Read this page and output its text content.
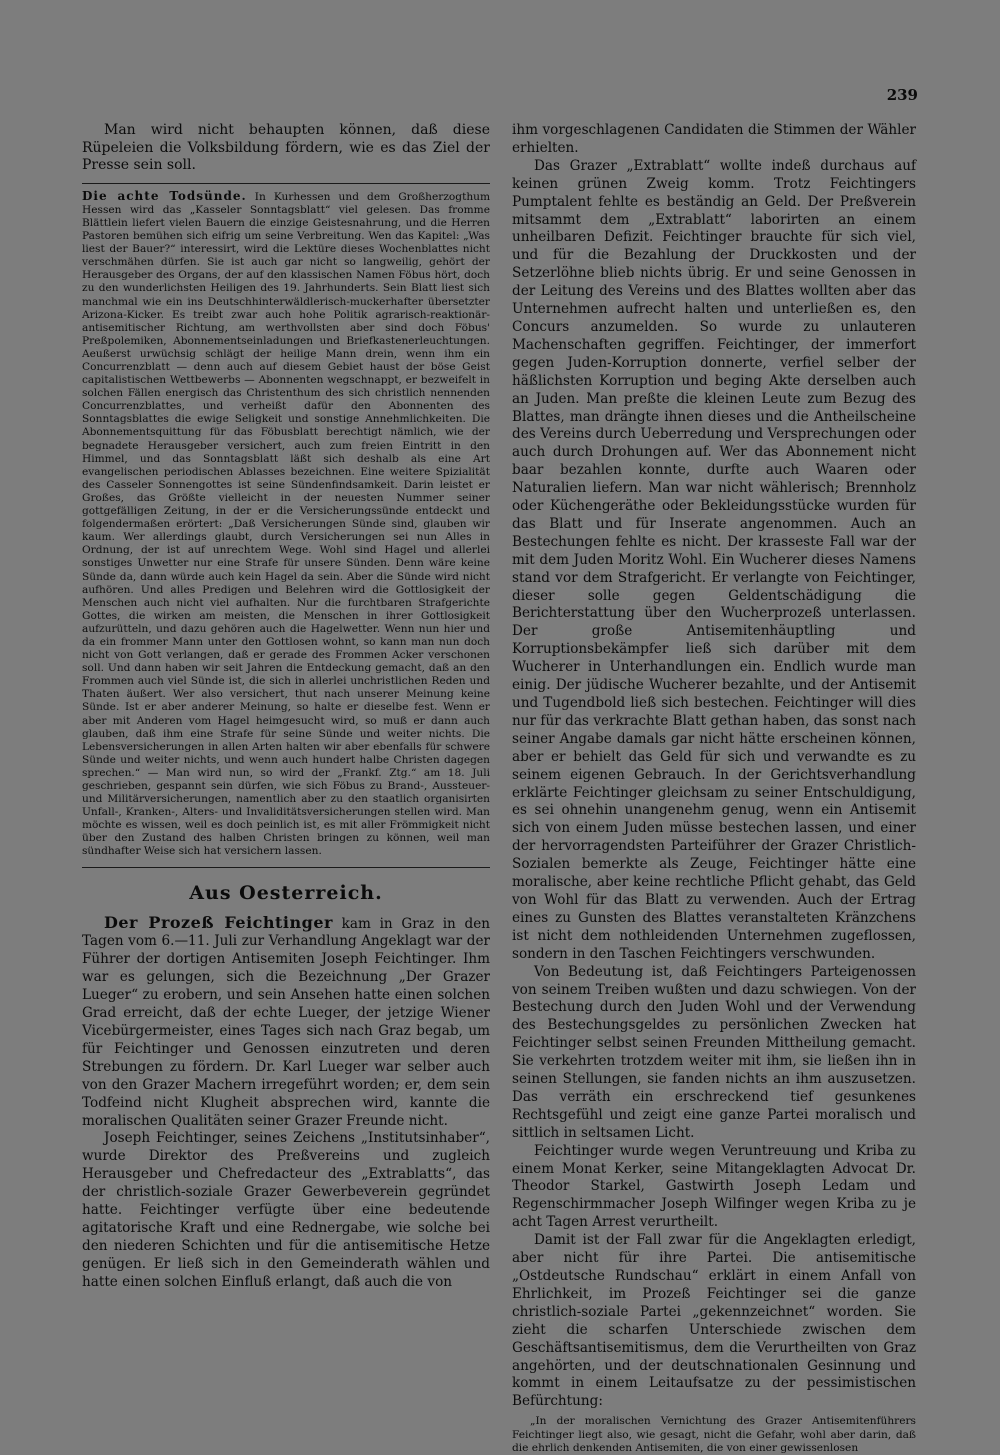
239

Man wird nicht behaupten können, daß diese Rüpeleien die Volksbildung fördern, wie es das Ziel der Presse sein soll.

Die achte Todsünde. In Kurhessen und dem Großherzogthum Hessen wird das „Kasseler Sonntagsblatt“ viel gelesen. Das fromme Blättlein liefert vielen Bauern die einzige Geistesnahrung, und die Herren Pastoren bemühen sich eifrig um seine Verbreitung. Wen das Kapitel: „Was liest der Bauer?“ interessirt, wird die Lektüre dieses Wochenblattes nicht verschmähen dürfen. Sie ist auch gar nicht so langweilig, gehört der Herausgeber des Organs, der auf den klassischen Namen Föbus hört, doch zu den wunderlichsten Heiligen des 19. Jahrhunderts. Sein Blatt liest sich manchmal wie ein ins Deutschhinterwäldlerisch-muckerhafter übersetzter Arizona-Kicker. Es treibt zwar auch hohe Politik agrarisch-reaktionär-antisemitischer Richtung, am werthvollsten aber sind doch Föbus' Preßpolemiken, Abonnementseinladungen und Briefkastenerleuchtungen. Aeußerst urwüchsig schlägt der heilige Mann drein, wenn ihm ein Concurrenzblatt — denn auch auf diesem Gebiet haust der böse Geist capitalistischen Wettbewerbs — Abonnenten wegschnappt, er bezweifelt in solchen Fällen energisch das Christenthum des sich christlich nennenden Concurrenzblattes, und verheißt dafür den Abonnenten des Sonntagsblattes die ewige Seligkeit und sonstige Annehmlichkeiten. Die Abonnementsquittung für das Föbusblatt berechtigt nämlich, wie der begnadete Herausgeber versichert, auch zum freien Eintritt in den Himmel, und das Sonntagsblatt läßt sich deshalb als eine Art evangelischen periodischen Ablasses bezeichnen. Eine weitere Spizialität des Casseler Sonnengottes ist seine Sündenfindsamkeit. Darin leistet er Großes, das Größte vielleicht in der neuesten Nummer seiner gottgefälligen Zeitung, in der er die Versicherungssünde entdeckt und folgendermaßen erörtert: „Daß Versicherungen Sünde sind, glauben wir kaum. Wer allerdings glaubt, durch Versicherungen sei nun Alles in Ordnung, der ist auf unrechtem Wege. Wohl sind Hagel und allerlei sonstiges Unwetter nur eine Strafe für unsere Sünden. Denn wäre keine Sünde da, dann würde auch kein Hagel da sein. Aber die Sünde wird nicht aufhören. Und alles Predigen und Belehren wird die Gottlosigkeit der Menschen auch nicht viel aufhalten. Nur die furchtbaren Strafgerichte Gottes, die wirken am meisten, die Menschen in ihrer Gottlosigkeit aufzurütteln, und dazu gehören auch die Hagelwetter. Wenn nun hier und da ein frommer Mann unter den Gottlosen wohnt, so kann man nun doch nicht von Gott verlangen, daß er gerade des Frommen Acker verschonen soll. Und dann haben wir seit Jahren die Entdeckung gemacht, daß an den Frommen auch viel Sünde ist, die sich in allerlei unchristlichen Reden und Thaten äußert. Wer also versichert, thut nach unserer Meinung keine Sünde. Ist er aber anderer Meinung, so halte er dieselbe fest. Wenn er aber mit Anderen vom Hagel heimgesucht wird, so muß er dann auch glauben, daß ihm eine Strafe für seine Sünde und weiter nichts. Die Lebensversicherungen in allen Arten halten wir aber ebenfalls für schwere Sünde und weiter nichts, und wenn auch hundert halbe Christen dagegen sprechen.“ — Man wird nun, so wird der „Frankf. Ztg.“ am 18. Juli geschrieben, gespannt sein dürfen, wie sich Föbus zu Brand-, Aussteuer- und Militärversicherungen, namentlich aber zu den staatlich organisirten Unfall-, Kranken-, Alters- und Invaliditätsversicherungen stellen wird. Man möchte es wissen, weil es doch peinlich ist, es mit aller Frömmigkeit nicht über den Zustand des halben Christen bringen zu können, weil man sündhafter Weise sich hat versichern lassen.

Aus Oesterreich.

Der Prozeß Feichtinger kam in Graz in den Tagen vom 6.—11. Juli zur Verhandlung Angeklagt war der Führer der dortigen Antisemiten Joseph Feichtinger. Ihm war es gelungen, sich die Bezeichnung „Der Grazer Lueger“ zu erobern, und sein Ansehen hatte einen solchen Grad erreicht, daß der echte Lueger, der jetzige Wiener Vicebürgermeister, eines Tages sich nach Graz begab, um für Feichtinger und Genossen einzutreten und deren Strebungen zu fördern. Dr. Karl Lueger war selber auch von den Grazer Machern irregeführt worden; er, dem sein Todfeind nicht Klugheit absprechen wird, kannte die moralischen Qualitäten seiner Grazer Freunde nicht.

Joseph Feichtinger, seines Zeichens „Institutsinhaber“, wurde Direktor des Preßvereins und zugleich Herausgeber und Chefredacteur des „Extrablatts“, das der christlich-soziale Grazer Gewerbeverein gegründet hatte. Feichtinger verfügte über eine bedeutende agitatorische Kraft und eine Rednergabe, wie solche bei den niederen Schichten und für die antisemitische Hetze genügen. Er ließ sich in den Gemeinderath wählen und hatte einen solchen Einfluß erlangt, daß auch die von

ihm vorgeschlagenen Candidaten die Stimmen der Wähler erhielten.

Das Grazer „Extrablatt“ wollte indeß durchaus auf keinen grünen Zweig komm. Trotz Feichtingers Pumptalent fehlte es beständig an Geld. Der Preßverein mitsammt dem „Extrablatt“ laborirten an einem unheilbaren Defizit. Feichtinger brauchte für sich viel, und für die Bezahlung der Druckkosten und der Setzerlöhne blieb nichts übrig. Er und seine Genossen in der Leitung des Vereins und des Blattes wollten aber das Unternehmen aufrecht halten und unterließen es, den Concurs anzumelden. So wurde zu unlauteren Machenschaften gegriffen. Feichtinger, der immerfort gegen Juden-Korruption donnerte, verfiel selber der häßlichsten Korruption und beging Akte derselben auch an Juden. Man preßte die kleinen Leute zum Bezug des Blattes, man drängte ihnen dieses und die Antheilscheine des Vereins durch Ueberredung und Versprechungen oder auch durch Drohungen auf. Wer das Abonnement nicht baar bezahlen konnte, durfte auch Waaren oder Naturalien liefern. Man war nicht wählerisch; Brennholz oder Küchengeräthe oder Bekleidungsstücke wurden für das Blatt und für Inserate angenommen. Auch an Bestechungen fehlte es nicht. Der krasseste Fall war der mit dem Juden Moritz Wohl. Ein Wucherer dieses Namens stand vor dem Strafgericht. Er verlangte von Feichtinger, dieser solle gegen Geldentschädigung die Berichterstattung über den Wucherprozeß unterlassen. Der große Antisemitenhäuptling und Korruptionsbekämpfer ließ sich darüber mit dem Wucherer in Unterhandlungen ein. Endlich wurde man einig. Der jüdische Wucherer bezahlte, und der Antisemit und Tugendbold ließ sich bestechen. Feichtinger will dies nur für das verkrachte Blatt gethan haben, das sonst nach seiner Angabe damals gar nicht hätte erscheinen können, aber er behielt das Geld für sich und verwandte es zu seinem eigenen Gebrauch. In der Gerichtsverhandlung erklärte Feichtinger gleichsam zu seiner Entschuldigung, es sei ohnehin unangenehm genug, wenn ein Antisemit sich von einem Juden müsse bestechen lassen, und einer der hervorragendsten Parteiführer der Grazer Christlich-Sozialen bemerkte als Zeuge, Feichtinger hätte eine moralische, aber keine rechtliche Pflicht gehabt, das Geld von Wohl für das Blatt zu verwenden. Auch der Ertrag eines zu Gunsten des Blattes veranstalteten Kränzchens ist nicht dem nothleidenden Unternehmen zugeflossen, sondern in den Taschen Feichtingers verschwunden.

Von Bedeutung ist, daß Feichtingers Parteigenossen von seinem Treiben wußten und dazu schwiegen. Von der Bestechung durch den Juden Wohl und der Verwendung des Bestechungsgeldes zu persönlichen Zwecken hat Feichtinger selbst seinen Freunden Mittheilung gemacht. Sie verkehrten trotzdem weiter mit ihm, sie ließen ihn in seinen Stellungen, sie fanden nichts an ihm auszusetzen. Das verräth ein erschreckend tief gesunkenes Rechtsgefühl und zeigt eine ganze Partei moralisch und sittlich in seltsamen Licht.

Feichtinger wurde wegen Veruntreuung und Kriba zu einem Monat Kerker, seine Mitangeklagten Advocat Dr. Theodor Starkel, Gastwirth Joseph Ledam und Regenschirmmacher Joseph Wilfinger wegen Kriba zu je acht Tagen Arrest verurtheilt.

Damit ist der Fall zwar für die Angeklagten erledigt, aber nicht für ihre Partei. Die antisemitische „Ostdeutsche Rundschau“ erklärt in einem Anfall von Ehrlichkeit, im Prozeß Feichtinger sei die ganze christlich-soziale Partei „gekennzeichnet“ worden. Sie zieht die scharfen Unterschiede zwischen dem Geschäftsantisemitismus, dem die Verurtheilten von Graz angehörten, und der deutschnationalen Gesinnung und kommt in einem Leitaufsatze zu der pessimistischen Befürchtung:

„In der moralischen Vernichtung des Grazer Antisemitenführers Feichtinger liegt also, wie gesagt, nicht die Gefahr, wohl aber darin, daß die ehrlich denkenden Antisemiten, die von einer gewissenlosen
